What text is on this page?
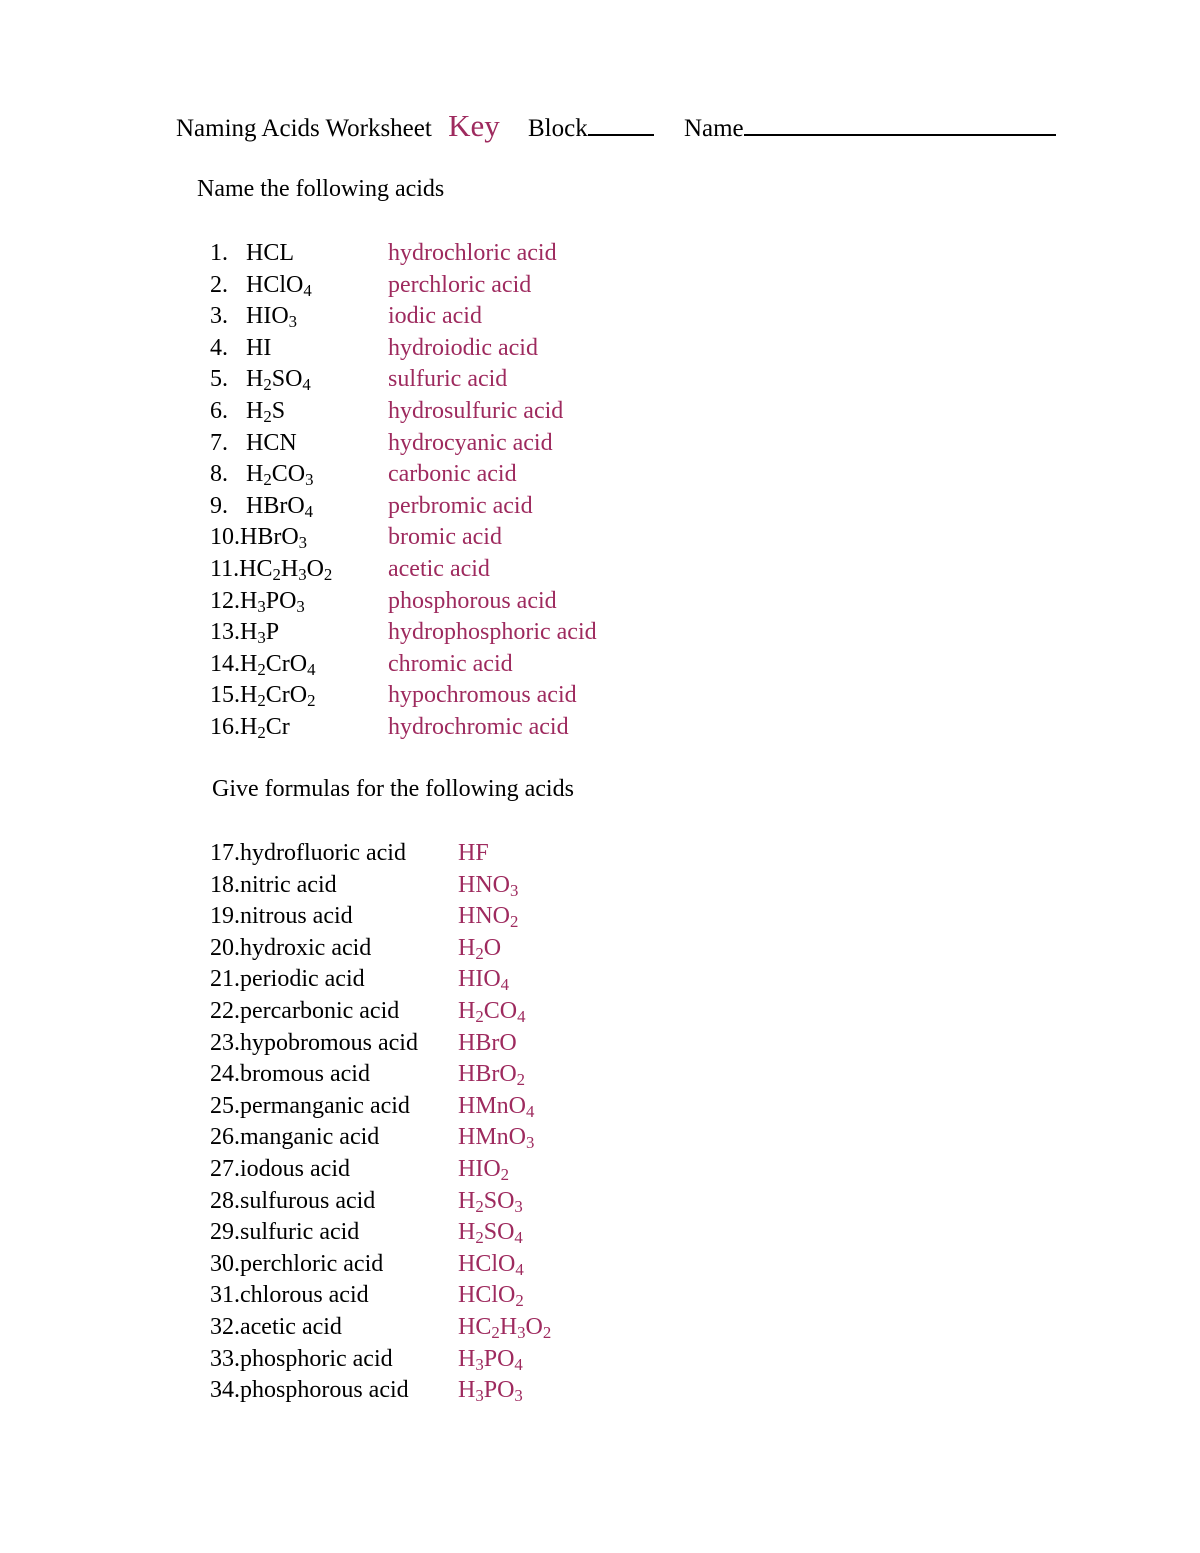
Naming Acids Worksheet Key Block	Name
Name the following acids
1. HCL	hydrochloric acid
2. HClO$_4$	perchloric acid
3. $HIO_3$	iodic acid
4. HI	hydroiodic acid
5. $H_2SO_4$	sulfuric acid
6. $H_2S$	hydrosulfuric acid
7. HCN	hydrocyanic acid
8. $H_2CO_3$	carbonic acid
9. HBrO$_4$	perbromic acid
10.HBrO$_3$	bromic acid
$11.HC_2H_3O_2$ acetic acid
$12.H_3PO_3$	phosphorous acid
$13.H_3P$	hydrophosphoric acid
$14.H_2CrO_4$	chromic acid
$15.H_2CrO_2$	hypochromous acid
$16.H_2Cr$	hydrochromic acid
Give formulas for the following acids
17.hydrofluoric acid HF
18.nitric acid	$HNO_3$
19.nitrous acid	$HNO_2$
20.hydroxic acid	$H_2O$
21.periodic acid	$HIO_4$
22.percarbonic acid $H_2CO_4$
23.hypobromous acid HBrO
24.bromous acid	HBrO$_2$
25.permanganic acid HMnO$_4$
26.manganic acid	HMnO$_3$
27.iodous acid	$HIO_2$
28.sulfurous acid	$H_2SO_3$
29.sulfuric acid	$H_2SO_4$
30.perchloric acid	HClO$_4$
31.chlorous acid	HClO$_2$
32.acetic acid	$HC_2H_3O_2$
33.phosphoric acid	$H_3PO_4$
34.phosphorous acid $H_3PO_3$
